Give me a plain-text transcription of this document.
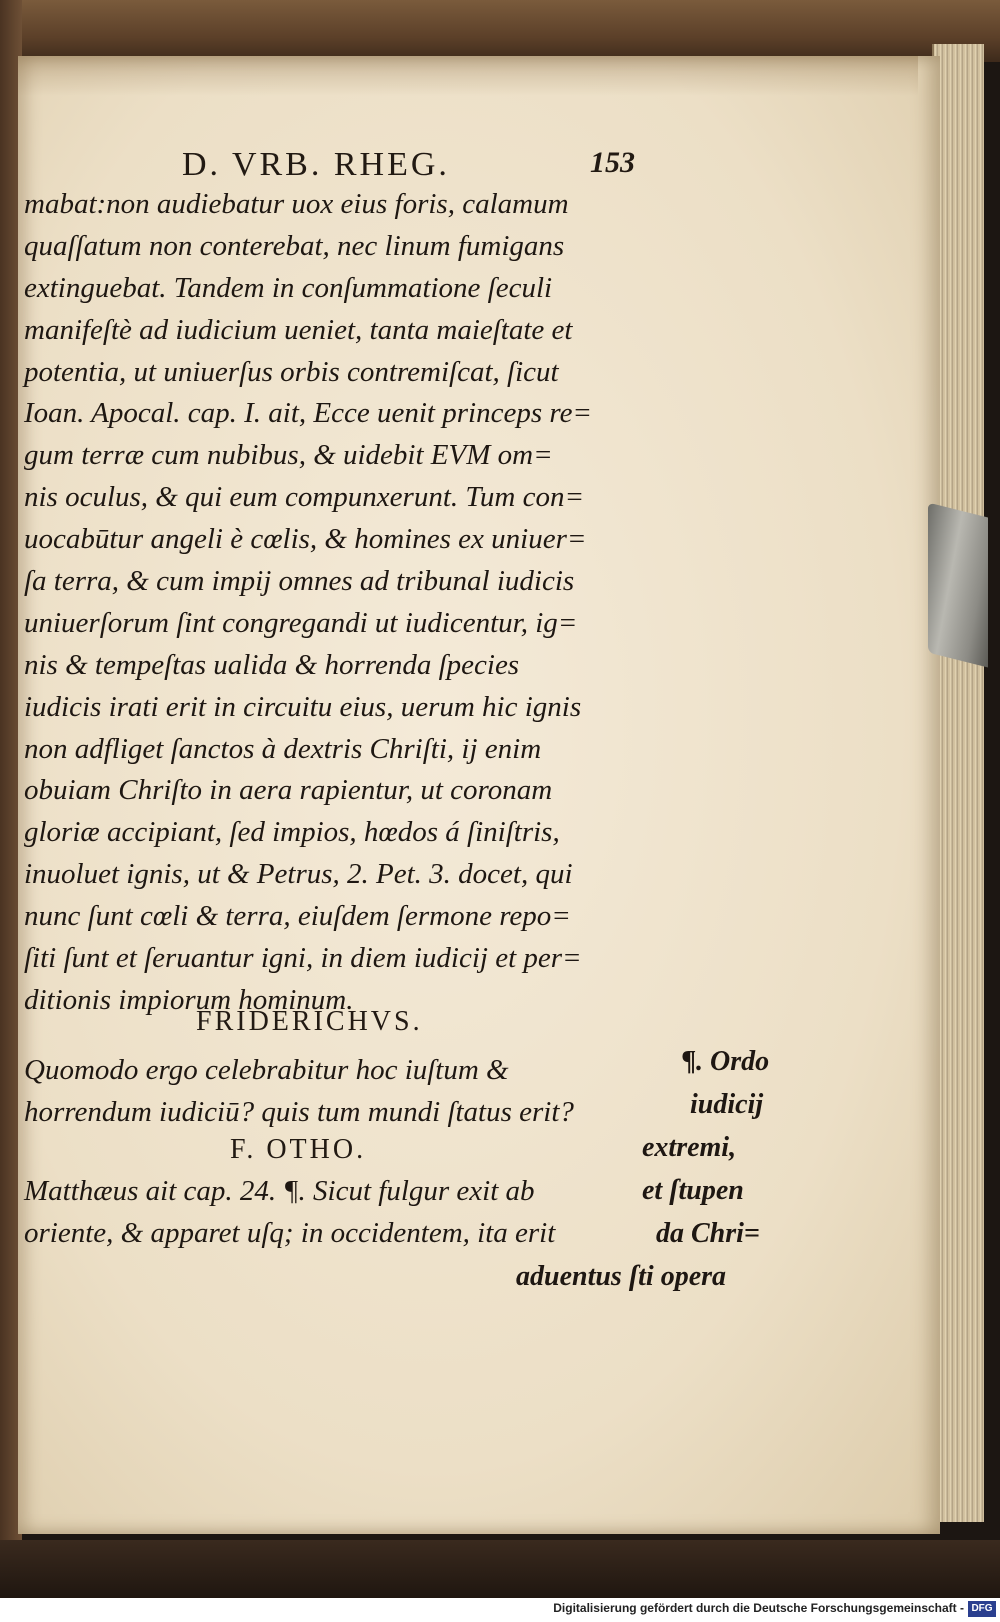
D. VRB. RHEG.	153
mabat:non audiebatur uox eius foris, calamum
quaſſatum non conterebat, nec linum fumigans
extinguebat. Tandem in conſummatione ſeculi
manifeſtè ad iudicium ueniet, tanta maieſtate et
potentia, ut uniuerſus orbis contremiſcat, ſicut
Ioan. Apocal. cap. I. ait, Ecce uenit princeps re=
gum terræ cum nubibus, & uidebit EVM om=
nis oculus, & qui eum compunxerunt. Tum con=
uocabūtur angeli è cœlis, & homines ex uniuer=
ſa terra, & cum impij omnes ad tribunal iudicis
uniuerſorum ſint congregandi ut iudicentur, ig=
nis & tempeſtas ualida & horrenda ſpecies
iudicis irati erit in circuitu eius, uerum hic ignis
non adfliget ſanctos à dextris Chriſti, ij enim
obuiam Chriſto in aera rapientur, ut coronam
gloriæ accipiant, ſed impios, hœdos á ſiniſtris,
inuoluet ignis, ut & Petrus, 2. Pet. 3. docet, qui
nunc ſunt cœli & terra, eiuſdem ſermone repo=
ſiti ſunt et ſeruantur igni, in diem iudicij et per=
ditionis impiorum hominum.
FRIDERICHVS.
Quomodo ergo celebrabitur hoc iuſtum &
horrendum iudiciū? quis tum mundi ſtatus erit?
F. OTHO.
Matthæus ait cap. 24. ¶. Sicut fulgur exit ab
oriente, & apparet uſq; in occidentem, ita erit
¶. Ordo
iudicij
extremi,
et ſtupen
da Chri=
aduentus ſti opera
Digitalisierung gefördert durch die Deutsche Forschungsgemeinschaft - DFG
